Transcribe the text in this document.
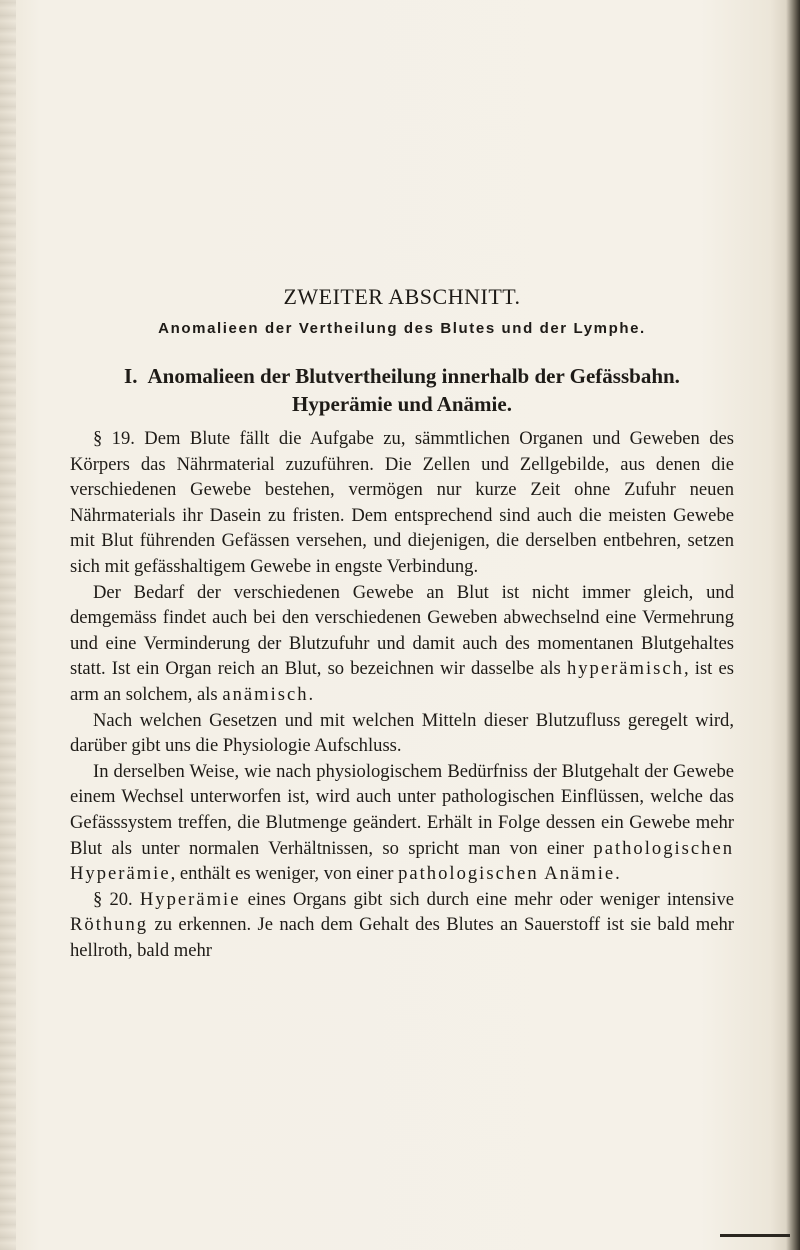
ZWEITER ABSCHNITT.
Anomalieen der Vertheilung des Blutes und der Lymphe.
I. Anomalieen der Blutvertheilung innerhalb der Gefässbahn.
Hyperämie und Anämie.

§ 19. Dem Blute fällt die Aufgabe zu, sämmtlichen Organen und Geweben des Körpers das Nährmaterial zuzuführen. Die Zellen und Zellgebilde, aus denen die verschiedenen Gewebe bestehen, vermögen nur kurze Zeit ohne Zufuhr neuen Nährmaterials ihr Dasein zu fristen. Dem entsprechend sind auch die meisten Gewebe mit Blut führenden Gefässen versehen, und diejenigen, die derselben entbehren, setzen sich mit gefässhaltigem Gewebe in engste Verbindung.

Der Bedarf der verschiedenen Gewebe an Blut ist nicht immer gleich, und demgemäss findet auch bei den verschiedenen Geweben abwechselnd eine Vermehrung und eine Verminderung der Blutzufuhr und damit auch des momentanen Blutgehaltes statt. Ist ein Organ reich an Blut, so bezeichnen wir dasselbe als hyperämisch, ist es arm an solchem, als anämisch.

Nach welchen Gesetzen und mit welchen Mitteln dieser Blutzufluss geregelt wird, darüber gibt uns die Physiologie Aufschluss.

In derselben Weise, wie nach physiologischem Bedürfniss der Blutgehalt der Gewebe einem Wechsel unterworfen ist, wird auch unter pathologischen Einflüssen, welche das Gefässsystem treffen, die Blutmenge geändert. Erhält in Folge dessen ein Gewebe mehr Blut als unter normalen Verhältnissen, so spricht man von einer pathologischen Hyperämie, enthält es weniger, von einer pathologischen Anämie.

§ 20. Hyperämie eines Organs gibt sich durch eine mehr oder weniger intensive Röthung zu erkennen. Je nach dem Gehalt des Blutes an Sauerstoff ist sie bald mehr hellroth, bald mehr
